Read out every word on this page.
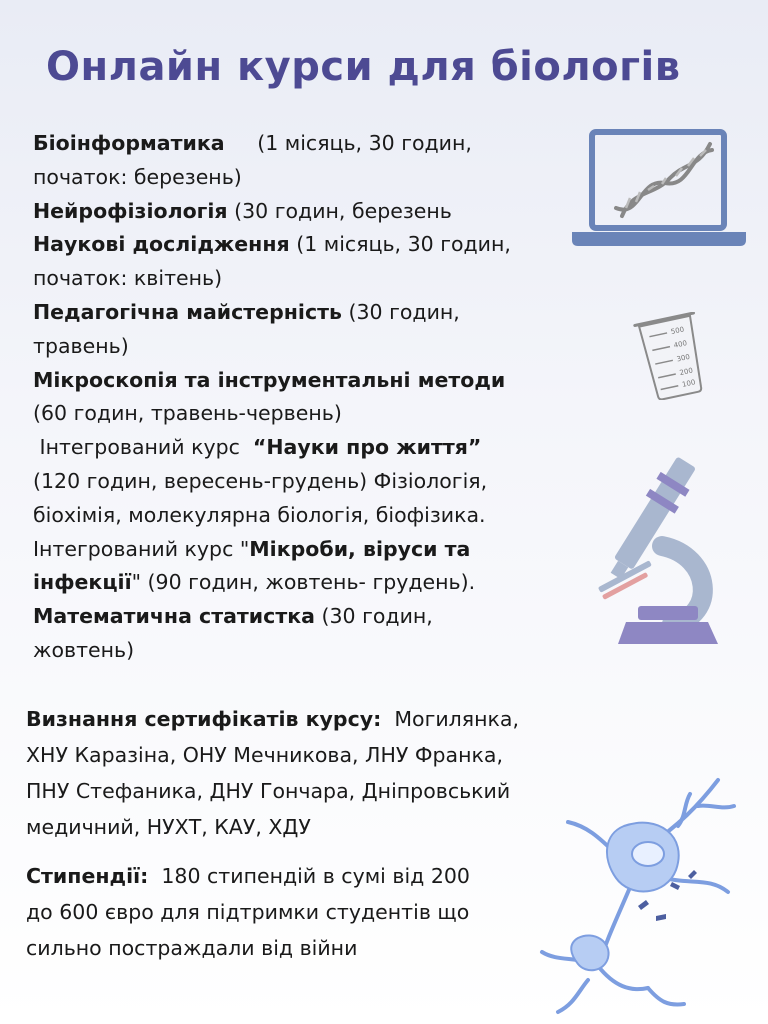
Онлайн курси для біологів
Біоінформатика (1 місяць, 30 годин,
початок: березень)
Нейрофізіологія (30 годин, березень
Наукові дослідження (1 місяць, 30 годин,
початок: квітень)
Педагогічна майстерність (30 годин,
травень)
Мікроскопія та інструментальні методи
(60 годин, травень-червень)
Інтегрований курс “Науки про життя”
(120 годин, вересень-грудень) Фізіологія,
біохімія, молекулярна біологія, біофізика.
Інтегрований курс "Мікроби, віруси та
інфекції" (90 годин, жовтень- грудень).
Математична статистка (30 годин,
жовтень)
Визнання сертифікатів курсу: Могилянка,
ХНУ Каразіна, ОНУ Мечникова, ЛНУ Франка,
ПНУ Стефаника, ДНУ Гончара, Дніпровський
медичний, НУХТ, КАУ, ХДУ
Стипендії: 180 стипендій в сумі від 200
до 600 євро для підтримки студентів що
сильно постраждали від війни
500
400
300
200
100
